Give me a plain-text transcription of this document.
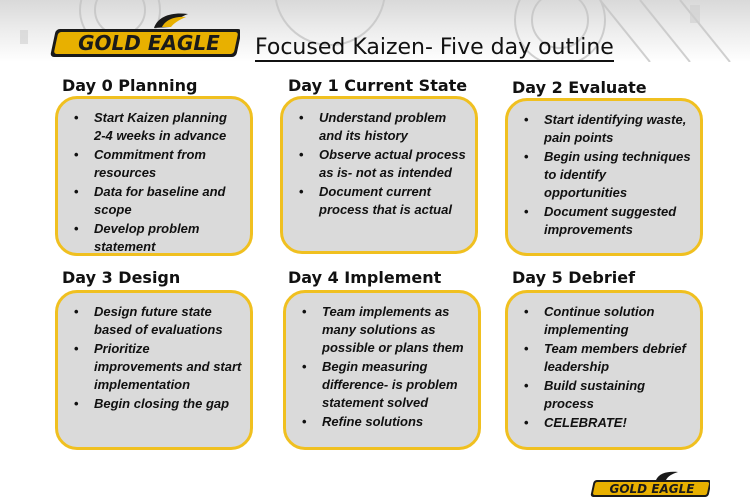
GOLD EAGLE Focused Kaizen- Five day outline
Day 0 Planning	Day 1 Current State	Day 2 Evaluate
Day 3 Design	Day 4 Implement	Day 5 Debrief
• Start Kaizen planning 2-4 weeks in advance
• Commitment from resources
• Data for baseline and scope
• Develop problem statement
• Understand problem and its history
• Observe actual process as is- not as intended
• Document current process that is actual
• Start identifying waste, pain points
• Begin using techniques to identify opportunities
• Document suggested improvements
• Design future state based of evaluations
• Prioritize improvements and start implementation
• Begin closing the gap
• Team implements as many solutions as possible or plans them
• Begin measuring difference- is problem statement solved
• Refine solutions
• Continue solution implementing
• Team members debrief leadership
• Build sustaining process
• CELEBRATE!
GOLD EAGLE
